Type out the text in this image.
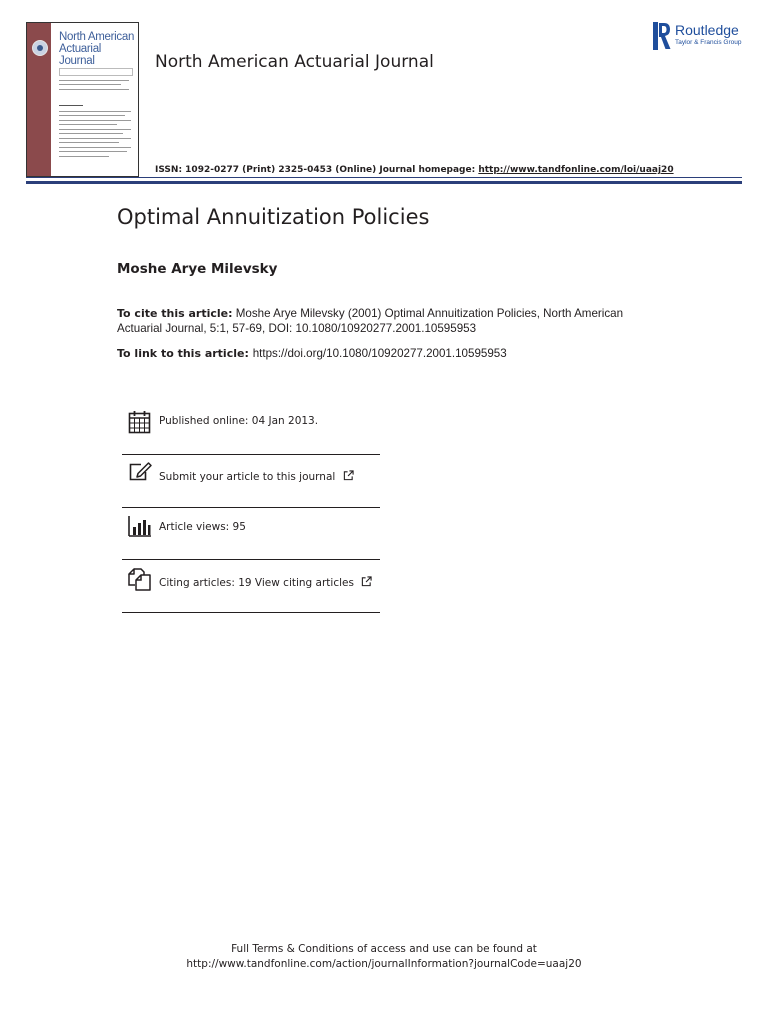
North American
Actuarial Journal	North American Actuarial Journal
ISSN: 1092-0277 (Print) 2325-0453 (Online) Journal homepage: http://www.tandfonline.com/loi/uaaj20
Routledge
Taylor & Francis Group
Optimal Annuitization Policies
Moshe Arye Milevsky
To cite this article: Moshe Arye Milevsky (2001) Optimal Annuitization Policies, North American Actuarial Journal, 5:1, 57-69, DOI: 10.1080/10920277.2001.10595953
To link to this article: https://doi.org/10.1080/10920277.2001.10595953
Published online: 04 Jan 2013.
Submit your article to this journal
Article views: 95
Citing articles: 19 View citing articles
Full Terms & Conditions of access and use can be found at
http://www.tandfonline.com/action/journalInformation?journalCode=uaaj20
